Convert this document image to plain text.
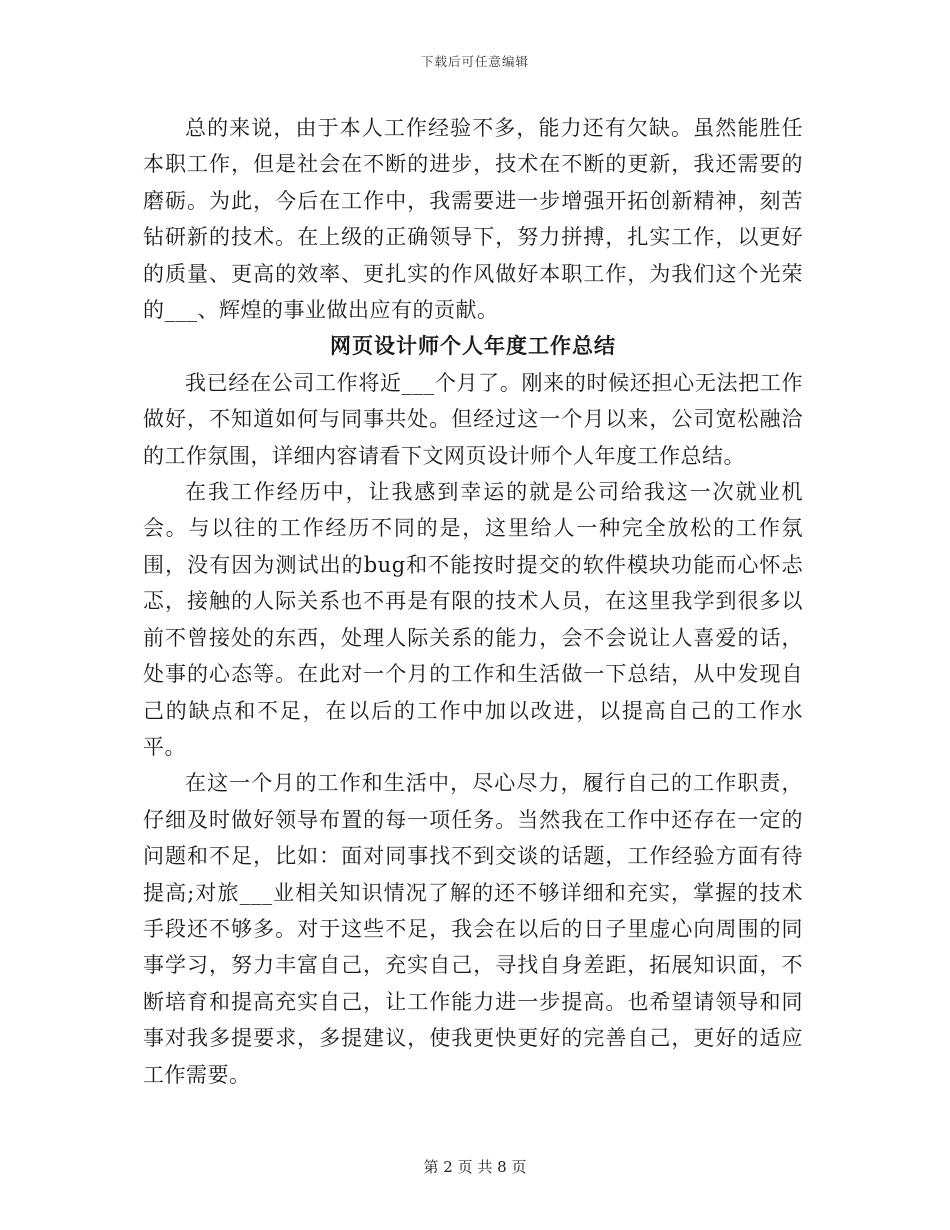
下载后可任意编辑

总的来说，由于本人工作经验不多，能力还有欠缺。虽然能胜任本职工作，但是社会在不断的进步，技术在不断的更新，我还需要的磨砺。为此，今后在工作中，我需要进一步增强开拓创新精神，刻苦钻研新的技术。在上级的正确领导下，努力拼搏，扎实工作，以更好的质量、更高的效率、更扎实的作风做好本职工作，为我们这个光荣的___、辉煌的事业做出应有的贡献。

网页设计师个人年度工作总结

我已经在公司工作将近___个月了。刚来的时候还担心无法把工作做好，不知道如何与同事共处。但经过这一个月以来，公司宽松融洽的工作氛围，详细内容请看下文网页设计师个人年度工作总结。

在我工作经历中，让我感到幸运的就是公司给我这一次就业机会。与以往的工作经历不同的是，这里给人一种完全放松的工作氛围，没有因为测试出的bug和不能按时提交的软件模块功能而心怀忐忑，接触的人际关系也不再是有限的技术人员，在这里我学到很多以前不曾接处的东西，处理人际关系的能力，会不会说让人喜爱的话，处事的心态等。在此对一个月的工作和生活做一下总结，从中发现自己的缺点和不足，在以后的工作中加以改进，以提高自己的工作水平。

在这一个月的工作和生活中，尽心尽力，履行自己的工作职责，仔细及时做好领导布置的每一项任务。当然我在工作中还存在一定的问题和不足，比如：面对同事找不到交谈的话题，工作经验方面有待提高;对旅___业相关知识情况了解的还不够详细和充实，掌握的技术手段还不够多。对于这些不足，我会在以后的日子里虚心向周围的同事学习，努力丰富自己，充实自己，寻找自身差距，拓展知识面，不断培育和提高充实自己，让工作能力进一步提高。也希望请领导和同事对我多提要求，多提建议，使我更快更好的完善自己，更好的适应工作需要。

第 2 页 共 8 页
